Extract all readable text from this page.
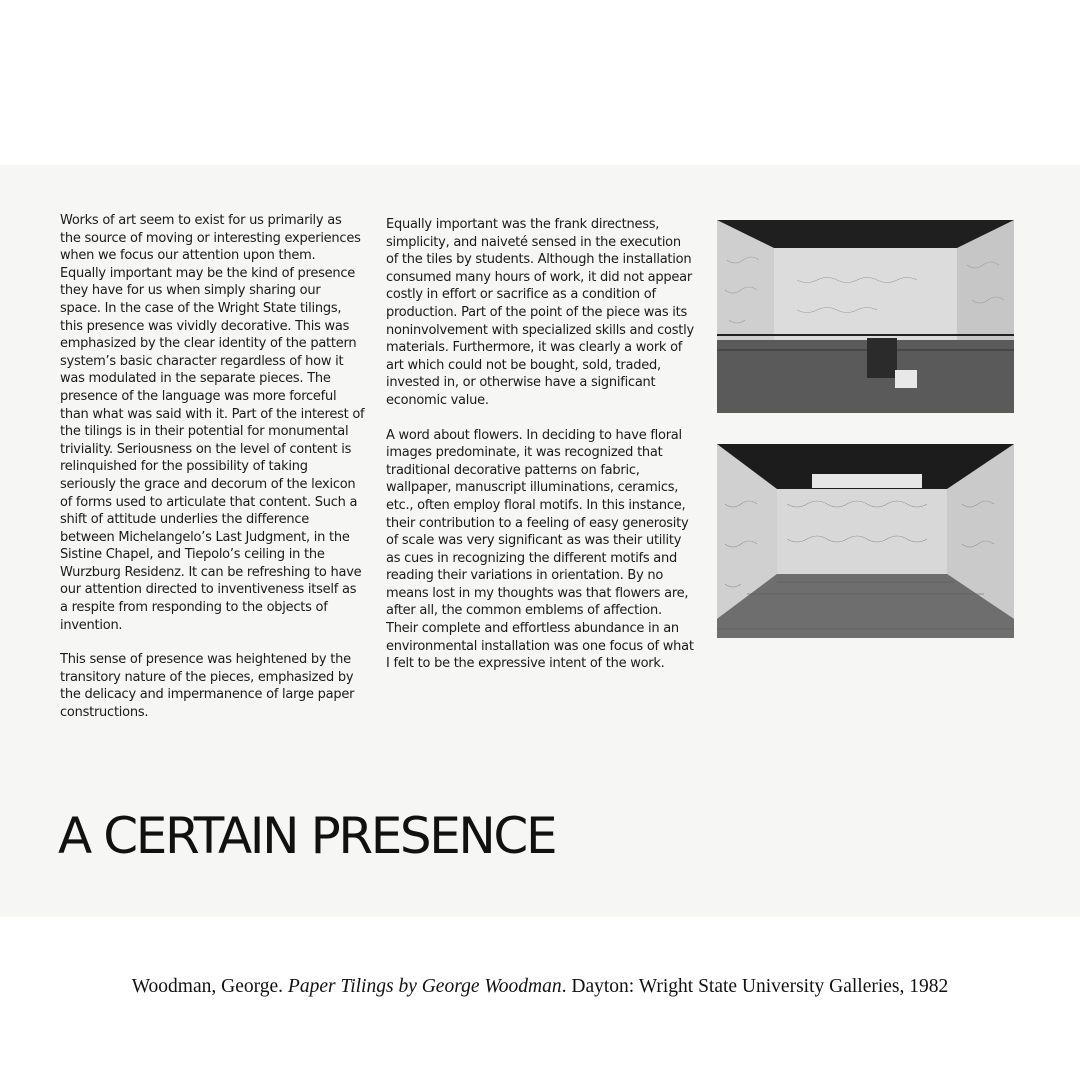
Works of art seem to exist for us primarily as the source of moving or interesting experiences when we focus our attention upon them. Equally important may be the kind of presence they have for us when simply sharing our space. In the case of the Wright State tilings, this presence was vividly decorative. This was emphasized by the clear identity of the pattern system’s basic character regardless of how it was modulated in the separate pieces. The presence of the language was more forceful than what was said with it. Part of the interest of the tilings is in their potential for monumental triviality. Seriousness on the level of content is relinquished for the possibility of taking seriously the grace and decorum of the lexicon of forms used to articulate that content. Such a shift of attitude underlies the difference between Michelangelo’s Last Judgment, in the Sistine Chapel, and Tiepolo’s ceiling in the Wurzburg Residenz. It can be refreshing to have our attention directed to inventiveness itself as a respite from responding to the objects of invention.

This sense of presence was heightened by the transitory nature of the pieces, emphasized by the delicacy and impermanence of large paper constructions.

Equally important was the frank directness, simplicity, and naiveté sensed in the execution of the tiles by students. Although the installation consumed many hours of work, it did not appear costly in effort or sacrifice as a condition of production. Part of the point of the piece was its noninvolvement with specialized skills and costly materials. Furthermore, it was clearly a work of art which could not be bought, sold, traded, invested in, or otherwise have a significant economic value.

A word about flowers. In deciding to have floral images predominate, it was recognized that traditional decorative patterns on fabric, wallpaper, manuscript illuminations, ceramics, etc., often employ floral motifs. In this instance, their contribution to a feeling of easy generosity of scale was very significant as was their utility as cues in recognizing the different motifs and reading their variations in orientation. By no means lost in my thoughts was that flowers are, after all, the common emblems of affection. Their complete and effortless abundance in an environmental installation was one focus of what I felt to be the expressive intent of the work.

A CERTAIN PRESENCE

Woodman, George. Paper Tilings by George Woodman. Dayton: Wright State University Galleries, 1982
